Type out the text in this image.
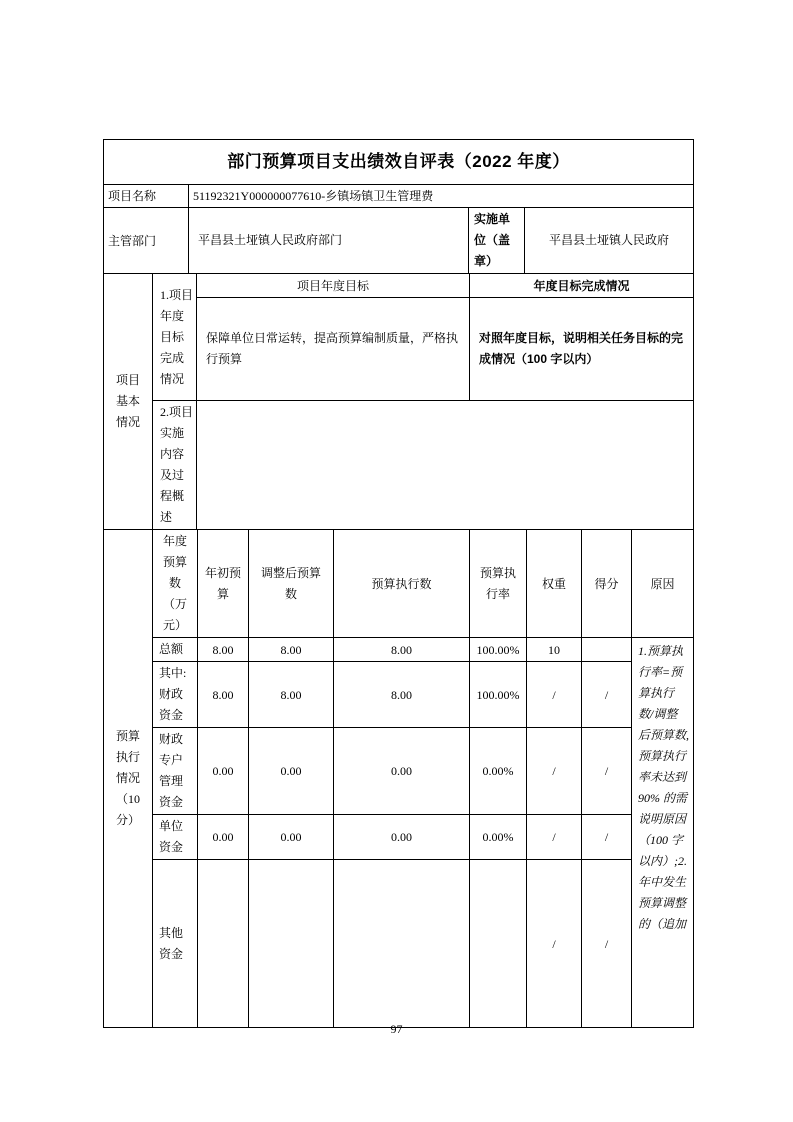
部门预算项目支出绩效自评表（2022 年度）			
项目名称	51192321Y000000077610-乡镇场镇卫生管理费		
主管部门	平昌县土垭镇人民政府部门	实施单位（盖章）	平昌县土垭镇人民政府
项目基本情况	1.项目年度目标完成情况	项目年度目标	年度目标完成情况
		保障单位日常运转，提高预算编制质量，严格执行预算	对照年度目标，说明相关任务目标的完成情况（100 字以内）
	2.项目实施内容及过程概述		
预算执行情况（10 分）	年度预算数（万元）	年初预算	调整后预算数	预算执行数	预算执行率	权重	得分	原因
	总额	8.00	8.00	8.00	100.00%	10		1.预算执行率=预算执行数/调整后预算数,预算执行率未达到 90% 的需说明原因（100 字以内）;2.年中发生预算调整的（追加
	其中:财政资金	8.00	8.00	8.00	100.00%	/	/	
	财政专户管理资金	0.00	0.00	0.00	0.00%	/	/	
	单位资金	0.00	0.00	0.00	0.00%	/	/	
	其他资金					/	/	
97
